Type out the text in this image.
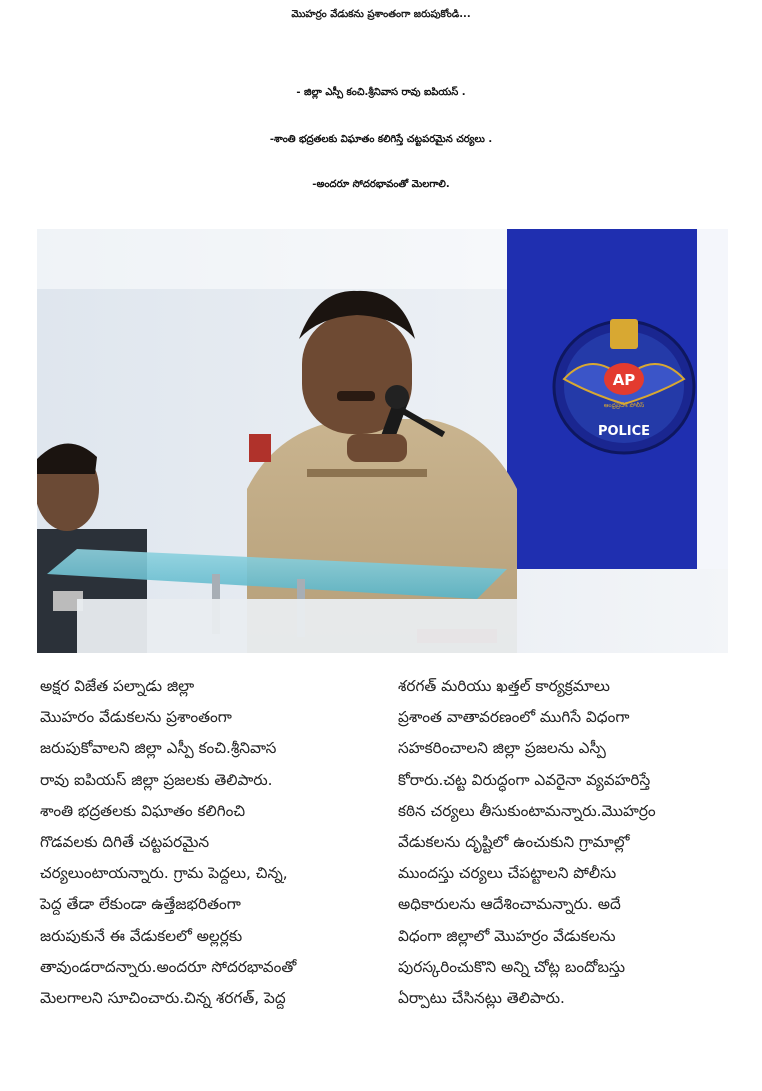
మొహర్రం వేడుకను ప్రశాంతంగా జరుపుకోండి...
- జిల్లా ఎస్పీ కంచి.శ్రీనివాస రావు ఐపియస్ .
-శాంతి భద్రతలకు విఘాతం కలిగిస్తే చట్టపరమైన చర్యలు .
-అందరూ సోదరభావంతో మెలగాలి.
AP
ఆంధ్రప్రదేశ్ పోలీస్
POLICE
అక్షర విజేత పల్నాడు జిల్లా
మొహరం వేడుకలను ప్రశాంతంగా
జరుపుకోవాలని జిల్లా ఎస్పీ కంచి.శ్రీనివాస
రావు ఐపియస్ జిల్లా ప్రజలకు తెలిపారు.
శాంతి భద్రతలకు విఘాతం కలిగించి
గొడవలకు దిగితే చట్టపరమైన
చర్యలుంటాయన్నారు. గ్రామ పెద్దలు, చిన్న,
పెద్ద తేడా లేకుండా ఉత్తేజభరితంగా
జరుపుకునే ఈ వేడుకలలో అల్లర్లకు
తావుండరాదన్నారు.అందరూ సోదరభావంతో
మెలగాలని సూచించారు.చిన్న శరగత్, పెద్ద
శరగత్ మరియు ఖత్తల్ కార్యక్రమాలు
ప్రశాంత వాతావరణంలో ముగిసే విధంగా
సహకరించాలని జిల్లా ప్రజలను ఎస్పీ
కోరారు.చట్ట విరుద్ధంగా ఎవరైనా వ్యవహరిస్తే
కఠిన చర్యలు తీసుకుంటామన్నారు.మొహర్రం
వేడుకలను దృష్టిలో ఉంచుకుని గ్రామాల్లో
ముందస్తు చర్యలు చేపట్టాలని పోలీసు
అధికారులను ఆదేశించామన్నారు. అదే
విధంగా జిల్లాలో మొహర్రం వేడుకలను
పురస్కరించుకొని అన్ని చోట్ల బందోబస్తు
ఏర్పాటు చేసినట్లు తెలిపారు.
